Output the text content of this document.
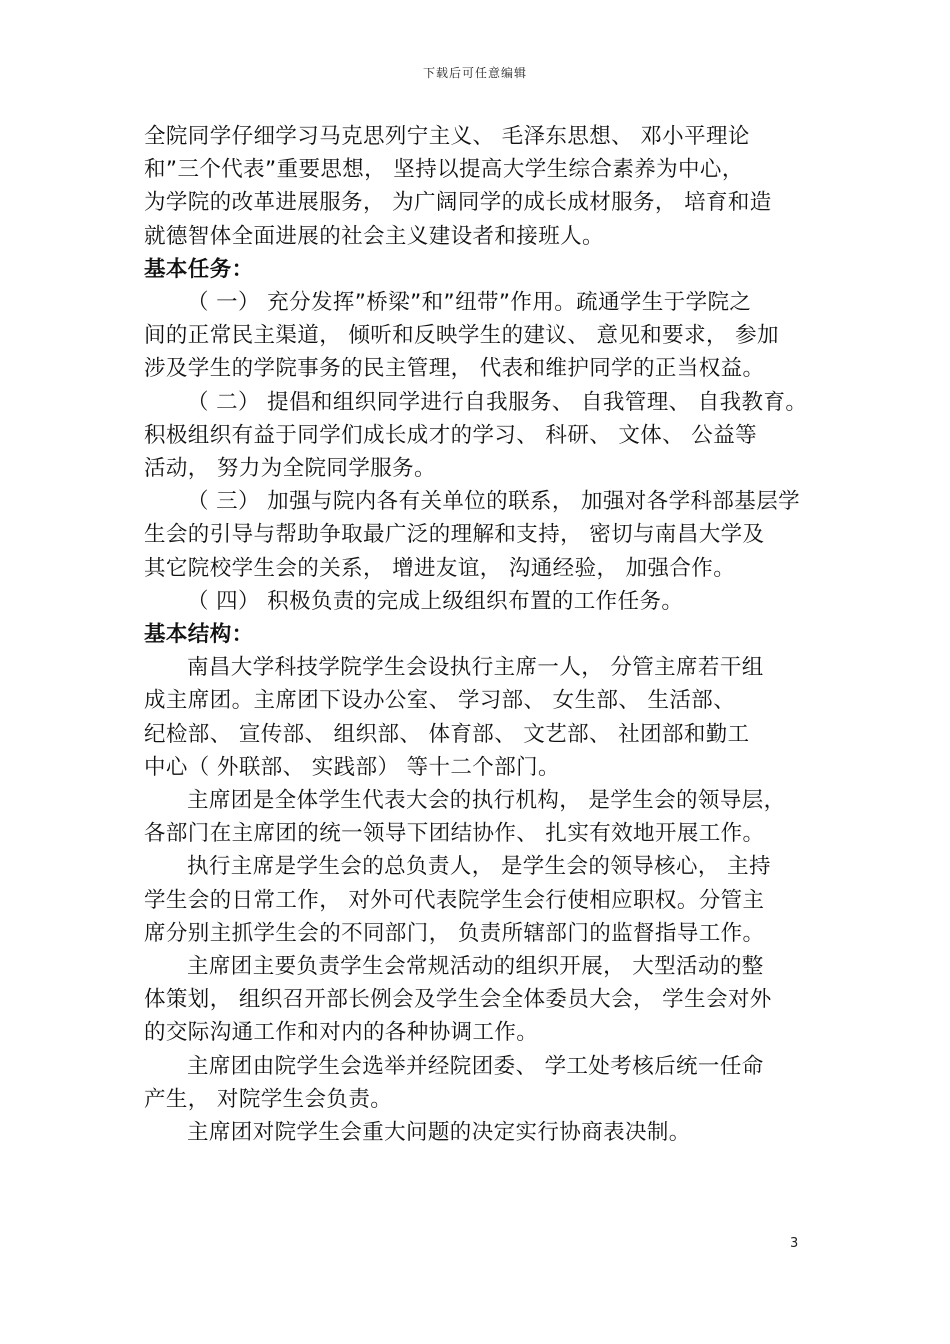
下载后可任意编辑

全院同学仔细学习马克思列宁主义、 毛泽东思想、 邓小平理论

和”三个代表”重要思想， 坚持以提高大学生综合素养为中心，

为学院的改革进展服务， 为广阔同学的成长成材服务， 培育和造

就德智体全面进展的社会主义建设者和接班人。

基本任务：

（ 一） 充分发挥”桥梁”和”纽带”作用。疏通学生于学院之

间的正常民主渠道， 倾听和反映学生的建议、 意见和要求， 参加

涉及学生的学院事务的民主管理， 代表和维护同学的正当权益。

（ 二） 提倡和组织同学进行自我服务、 自我管理、 自我教育。

积极组织有益于同学们成长成才的学习、 科研、 文体、 公益等

活动， 努力为全院同学服务。

（ 三） 加强与院内各有关单位的联系， 加强对各学科部基层学

生会的引导与帮助争取最广泛的理解和支持， 密切与南昌大学及

其它院校学生会的关系， 增进友谊， 沟通经验， 加强合作。

（ 四） 积极负责的完成上级组织布置的工作任务。

基本结构：

南昌大学科技学院学生会设执行主席一人， 分管主席若干组

成主席团。主席团下设办公室、 学习部、 女生部、 生活部、

纪检部、 宣传部、 组织部、 体育部、 文艺部、 社团部和勤工

中心（ 外联部、 实践部） 等十二个部门。

主席团是全体学生代表大会的执行机构， 是学生会的领导层，

各部门在主席团的统一领导下团结协作、 扎实有效地开展工作。

执行主席是学生会的总负责人， 是学生会的领导核心， 主持

学生会的日常工作， 对外可代表院学生会行使相应职权。分管主

席分别主抓学生会的不同部门， 负责所辖部门的监督指导工作。

主席团主要负责学生会常规活动的组织开展， 大型活动的整

体策划， 组织召开部长例会及学生会全体委员大会， 学生会对外

的交际沟通工作和对内的各种协调工作。

主席团由院学生会选举并经院团委、 学工处考核后统一任命

产生， 对院学生会负责。

主席团对院学生会重大问题的决定实行协商表决制。

3
